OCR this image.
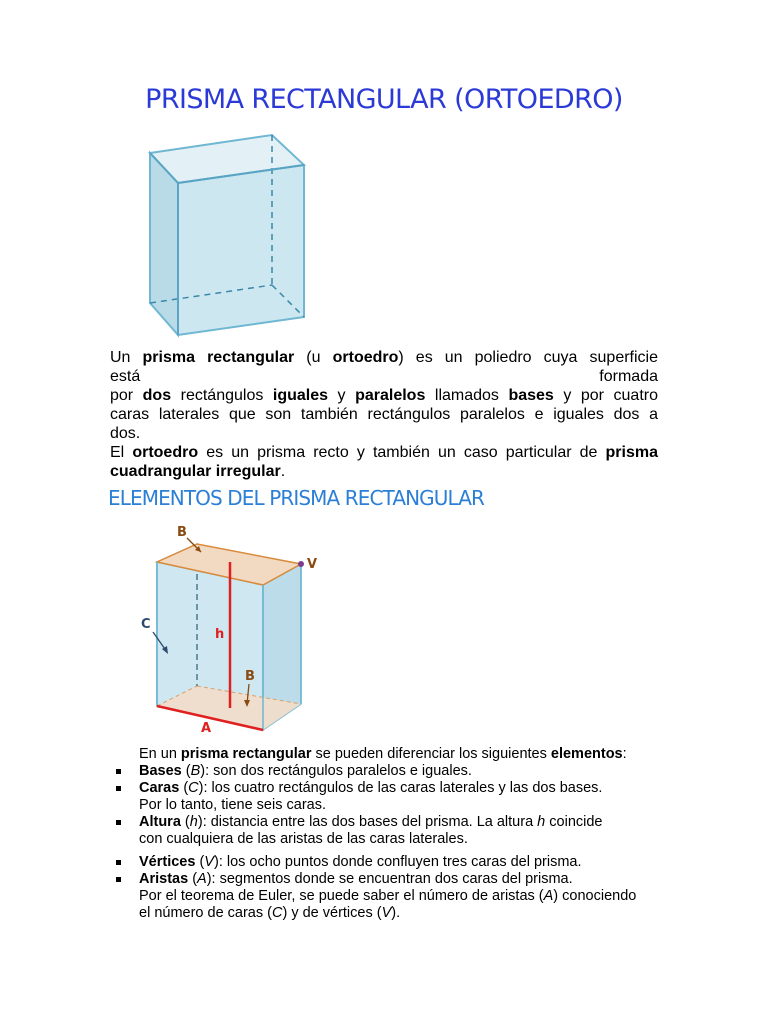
PRISMA RECTANGULAR (ORTOEDRO)

Un prisma rectangular (u ortoedro) es un poliedro cuya superficie

está	formada

por dos rectángulos iguales y paralelos llamados bases y por cuatro

caras laterales que son también rectángulos paralelos e iguales dos a

dos.

El ortoedro es un prisma recto y también un caso particular de prisma

cuadrangular irregular.

ELEMENTOS DEL PRISMA RECTANGULAR
B
V
C
h
B
A

En un prisma rectangular se pueden diferenciar los siguientes elementos:

Bases (B): son dos rectángulos paralelos e iguales.
Caras (C): los cuatro rectángulos de las caras laterales y las dos bases.

Por lo tanto, tiene seis caras.

Altura (h): distancia entre las dos bases del prisma. La altura h coincide

con cualquiera de las aristas de las caras laterales.

Vértices (V): los ocho puntos donde confluyen tres caras del prisma.
Aristas (A): segmentos donde se encuentran dos caras del prisma.

Por el teorema de Euler, se puede saber el número de aristas (A) conociendo

el número de caras (C) y de vértices (V).
